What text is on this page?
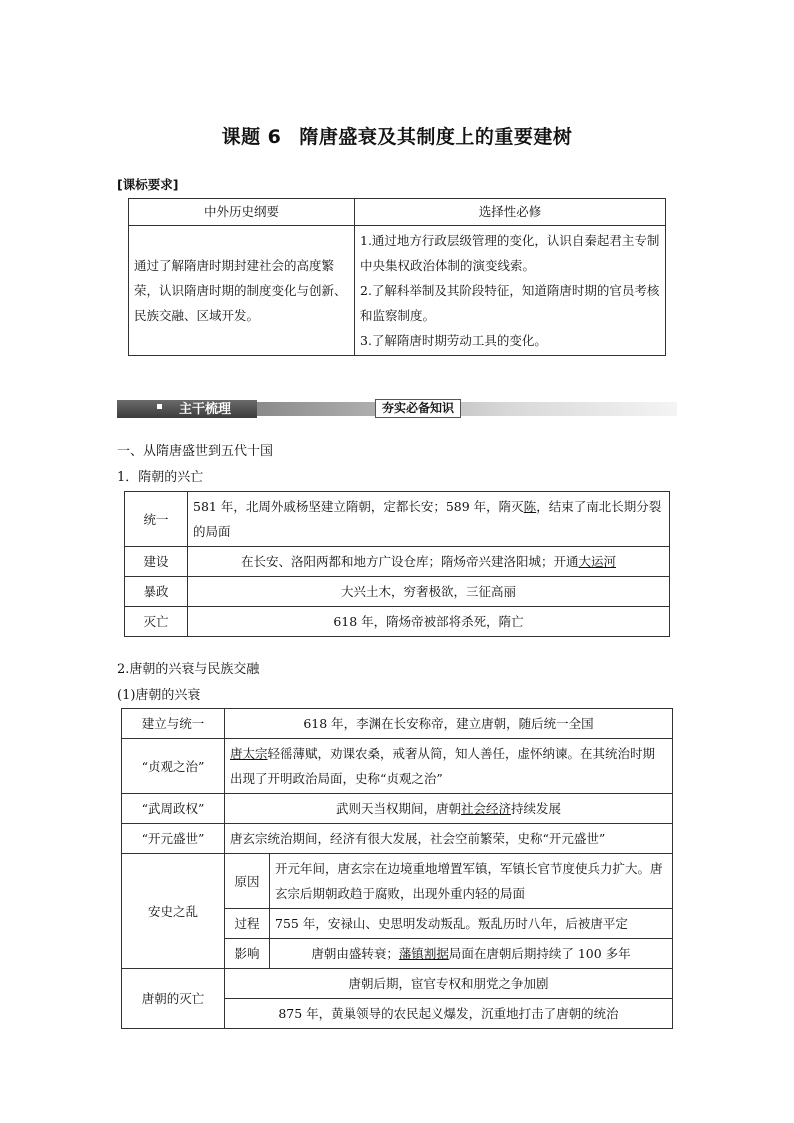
课题 6 隋唐盛衰及其制度上的重要建树
[课标要求]
中外历史纲要	选择性必修
通过了解隋唐时期封建社会的高度繁荣，认识隋唐时期的制度变化与创新、民族交融、区域开发。	1.通过地方行政层级管理的变化，认识自秦起君主专制中央集权政治体制的演变线索。
2.了解科举制及其阶段特征，知道隋唐时期的官员考核和监察制度。
3.了解隋唐时期劳动工具的变化。
主干梳理	夯实必备知识
一、从隋唐盛世到五代十国
1．隋朝的兴亡
统一	581 年，北周外戚杨坚建立隋朝，定都长安；589 年，隋灭陈，结束了南北长期分裂的局面
建设	在长安、洛阳两都和地方广设仓库；隋炀帝兴建洛阳城；开通大运河
暴政	大兴土木，穷奢极欲，三征高丽
灭亡	618 年，隋炀帝被部将杀死，隋亡
2.唐朝的兴衰与民族交融
(1)唐朝的兴衰
建立与统一	618 年，李渊在长安称帝，建立唐朝，随后统一全国	
“贞观之治”	唐太宗轻徭薄赋，劝课农桑，戒奢从简，知人善任，虚怀纳谏。在其统治时期出现了开明政治局面，史称“贞观之治”	
“武周政权”	武则天当权期间，唐朝社会经济持续发展	
“开元盛世”	唐玄宗统治期间，经济有很大发展，社会空前繁荣，史称“开元盛世”	
安史之乱	原因	开元年间，唐玄宗在边境重地增置军镇，军镇长官节度使兵力扩大。唐玄宗后期朝政趋于腐败，出现外重内轻的局面
	过程	755 年，安禄山、史思明发动叛乱。叛乱历时八年，后被唐平定
	影响	唐朝由盛转衰；藩镇割据局面在唐朝后期持续了 100 多年
唐朝的灭亡	唐朝后期，宦官专权和朋党之争加剧	
	875 年，黄巢领导的农民起义爆发，沉重地打击了唐朝的统治	
